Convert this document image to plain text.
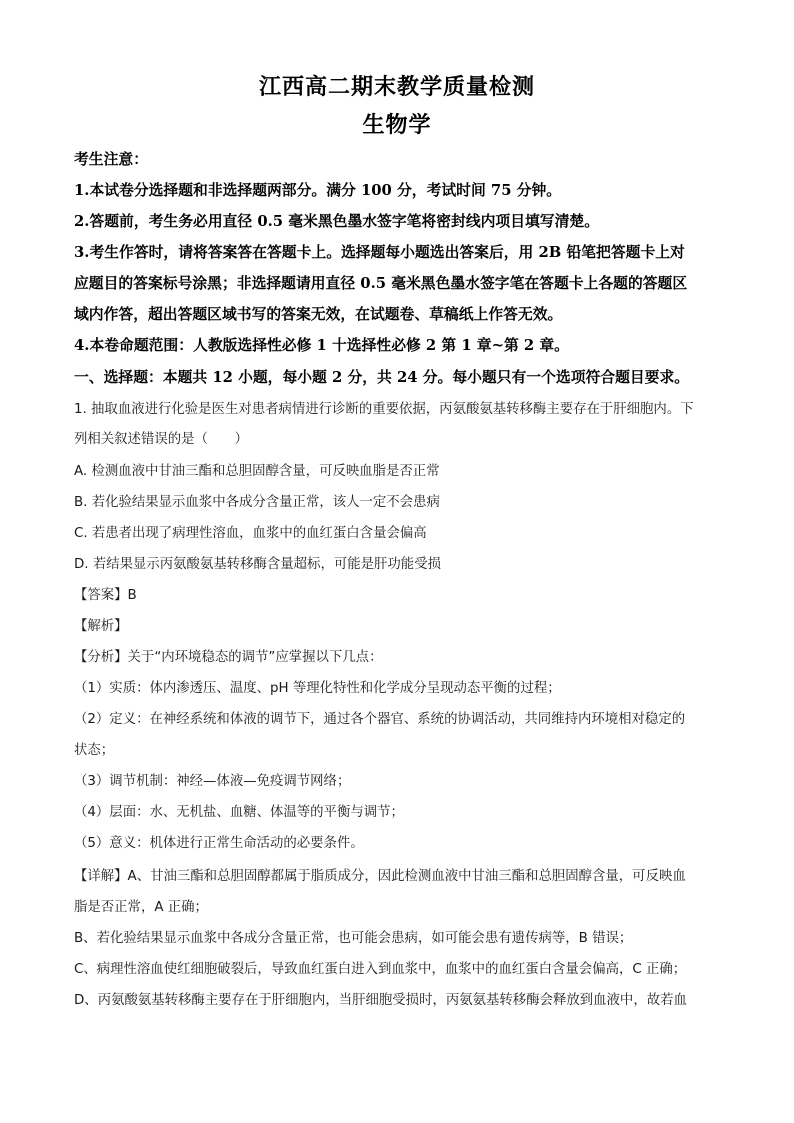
江西高二期末教学质量检测
生物学

考生注意：

1.本试卷分选择题和非选择题两部分。满分 100 分，考试时间 75 分钟。

2.答题前，考生务必用直径 0.5 毫米黑色墨水签字笔将密封线内项目填写清楚。

3.考生作答时，请将答案答在答题卡上。选择题每小题选出答案后，用 2B 铅笔把答题卡上对

应题目的答案标号涂黑；非选择题请用直径 0.5 毫米黑色墨水签字笔在答题卡上各题的答题区

域内作答，超出答题区域书写的答案无效，在试题卷、草稿纸上作答无效。

4.本卷命题范围：人教版选择性必修 1 十选择性必修 2 第 1 章~第 2 章。

一、选择题：本题共 12 小题，每小题 2 分，共 24 分。每小题只有一个选项符合题目要求。

1. 抽取血液进行化验是医生对患者病情进行诊断的重要依据，丙氨酸氨基转移酶主要存在于肝细胞内。下

列相关叙述错误的是（　　）

A. 检测血液中甘油三酯和总胆固醇含量，可反映血脂是否正常

B. 若化验结果显示血浆中各成分含量正常，该人一定不会患病

C. 若患者出现了病理性溶血，血浆中的血红蛋白含量会偏高

D. 若结果显示丙氨酸氨基转移酶含量超标，可能是肝功能受损

【答案】B

【解析】

【分析】关于“内环境稳态的调节”应掌握以下几点：

（1）实质：体内渗透压、温度、pH 等理化特性和化学成分呈现动态平衡的过程；

（2）定义：在神经系统和体液的调节下，通过各个器官、系统的协调活动，共同维持内环境相对稳定的

状态；

（3）调节机制：神经—体液—免疫调节网络；

（4）层面：水、无机盐、血糖、体温等的平衡与调节；

（5）意义：机体进行正常生命活动的必要条件。

【详解】A、甘油三酯和总胆固醇都属于脂质成分，因此检测血液中甘油三酯和总胆固醇含量，可反映血

脂是否正常，A 正确；

B、若化验结果显示血浆中各成分含量正常，也可能会患病，如可能会患有遗传病等，B 错误；

C、病理性溶血使红细胞破裂后，导致血红蛋白进入到血浆中，血浆中的血红蛋白含量会偏高，C 正确；

D、丙氨酸氨基转移酶主要存在于肝细胞内，当肝细胞受损时，丙氨氨基转移酶会释放到血液中，故若血
